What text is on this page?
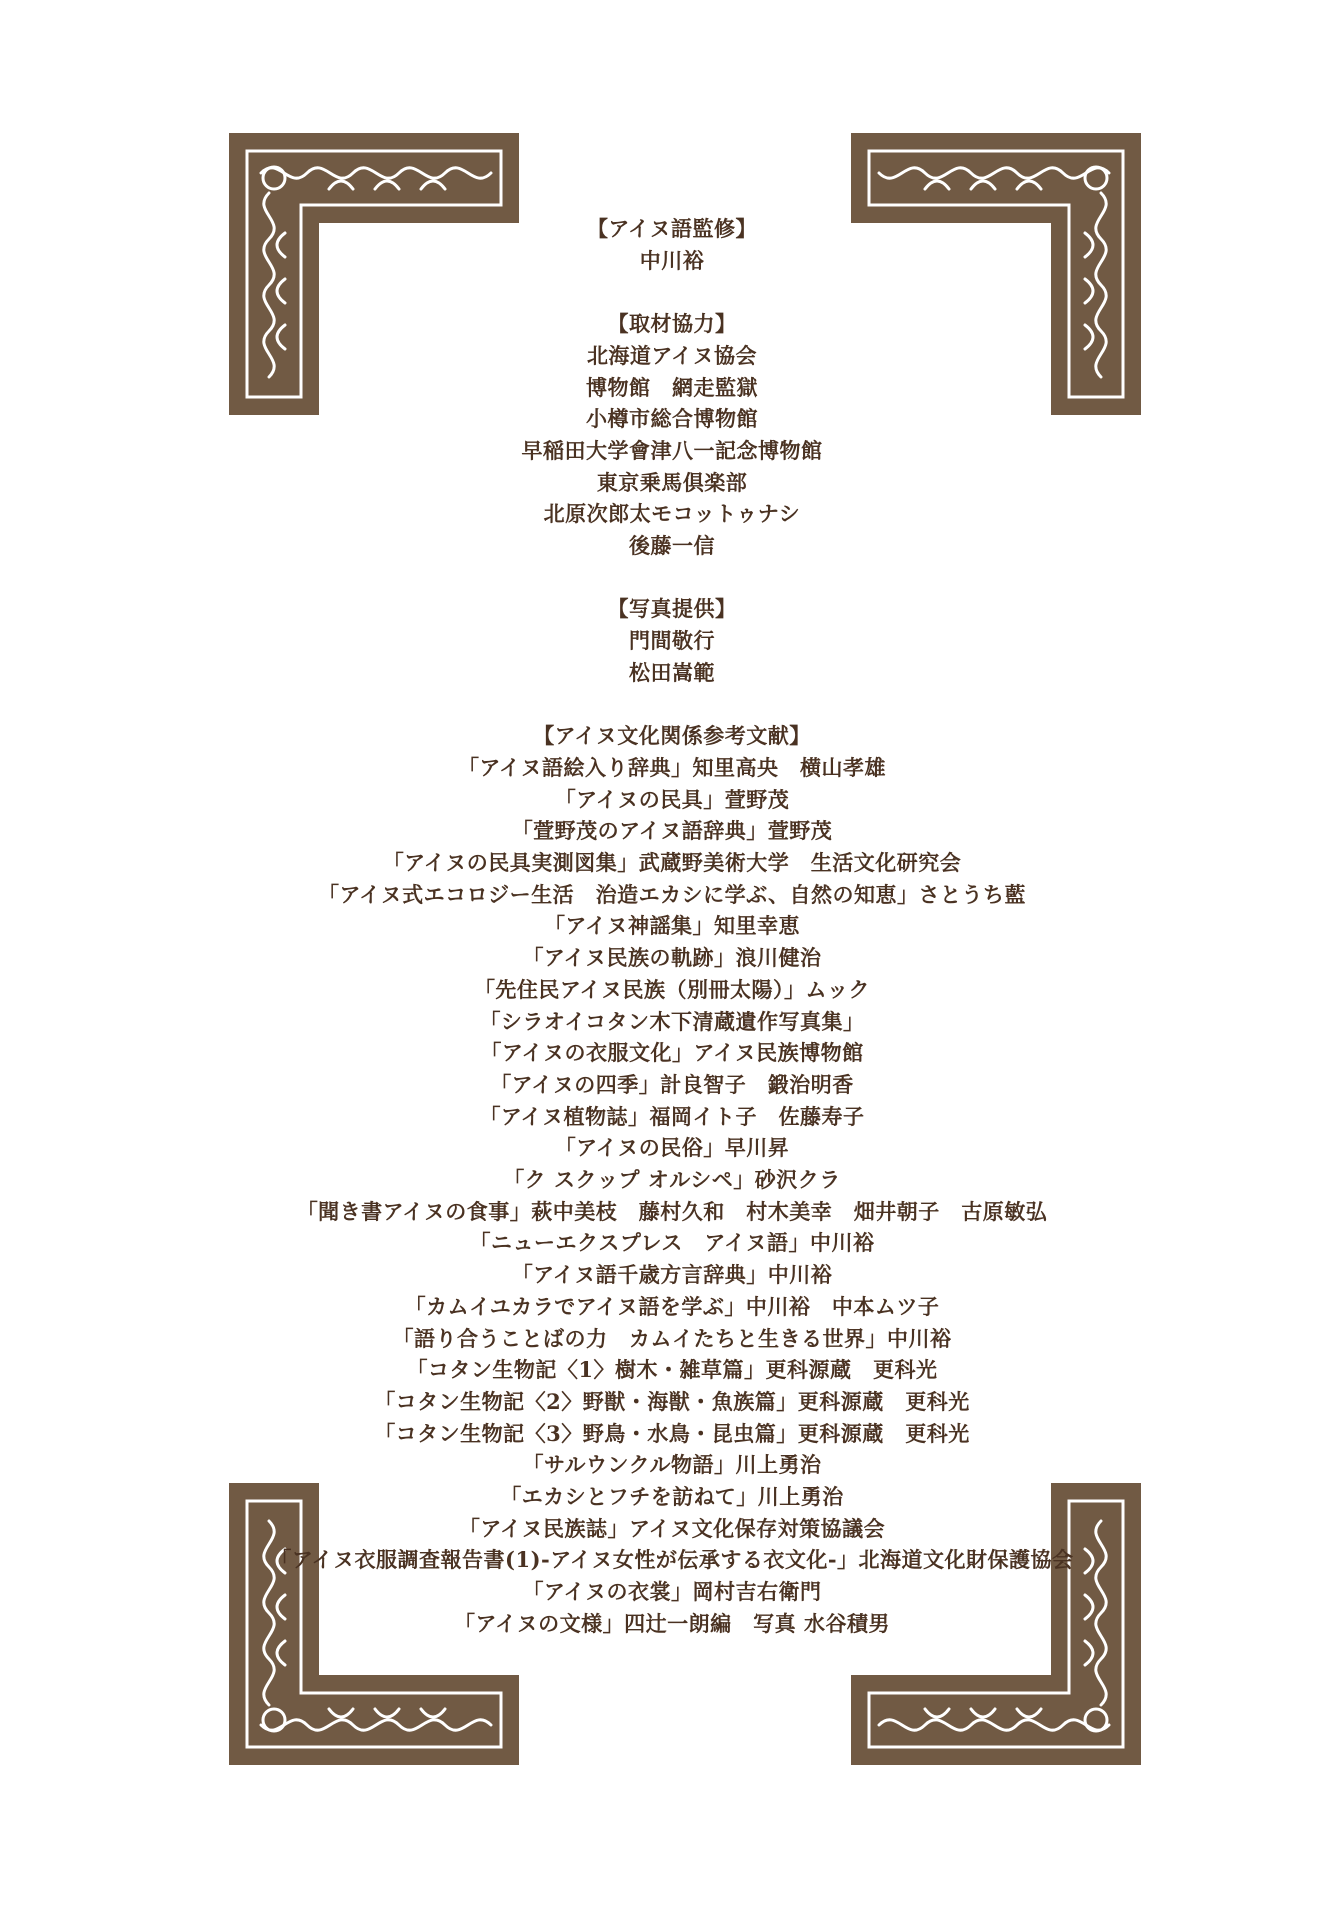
【アイヌ語監修】
中川裕
【取材協力】
北海道アイヌ協会
博物館　網走監獄
小樽市総合博物館
早稲田大学會津八一記念博物館
東京乗馬倶楽部
北原次郎太モコットゥナシ
後藤一信
【写真提供】
門間敬行
松田嵩範
【アイヌ文化関係参考文献】
「アイヌ語絵入り辞典」知里高央　横山孝雄
「アイヌの民具」萱野茂
「萱野茂のアイヌ語辞典」萱野茂
「アイヌの民具実測図集」武蔵野美術大学　生活文化研究会
「アイヌ式エコロジー生活　治造エカシに学ぶ、自然の知恵」さとうち藍
「アイヌ神謡集」知里幸恵
「アイヌ民族の軌跡」浪川健治
「先住民アイヌ民族（別冊太陽）」ムック
「シラオイコタン木下清蔵遺作写真集」
「アイヌの衣服文化」アイヌ民族博物館
「アイヌの四季」計良智子　鍛治明香
「アイヌ植物誌」福岡イト子　佐藤寿子
「アイヌの民俗」早川昇
「ク スクップ オルシペ」砂沢クラ
「聞き書アイヌの食事」萩中美枝　藤村久和　村木美幸　畑井朝子　古原敏弘
「ニューエクスプレス　アイヌ語」中川裕
「アイヌ語千歳方言辞典」中川裕
「カムイユカラでアイヌ語を学ぶ」中川裕　中本ムツ子
「語り合うことばの力　カムイたちと生きる世界」中川裕
「コタン生物記〈1〉樹木・雑草篇」更科源蔵　更科光
「コタン生物記〈2〉野獣・海獣・魚族篇」更科源蔵　更科光
「コタン生物記〈3〉野鳥・水鳥・昆虫篇」更科源蔵　更科光
「サルウンクル物語」川上勇治
「エカシとフチを訪ねて」川上勇治
「アイヌ民族誌」アイヌ文化保存対策協議会
「アイヌ衣服調査報告書(1)-アイヌ女性が伝承する衣文化-」北海道文化財保護協会
「アイヌの衣裳」岡村吉右衛門
「アイヌの文様」四辻一朗編　写真 水谷積男
